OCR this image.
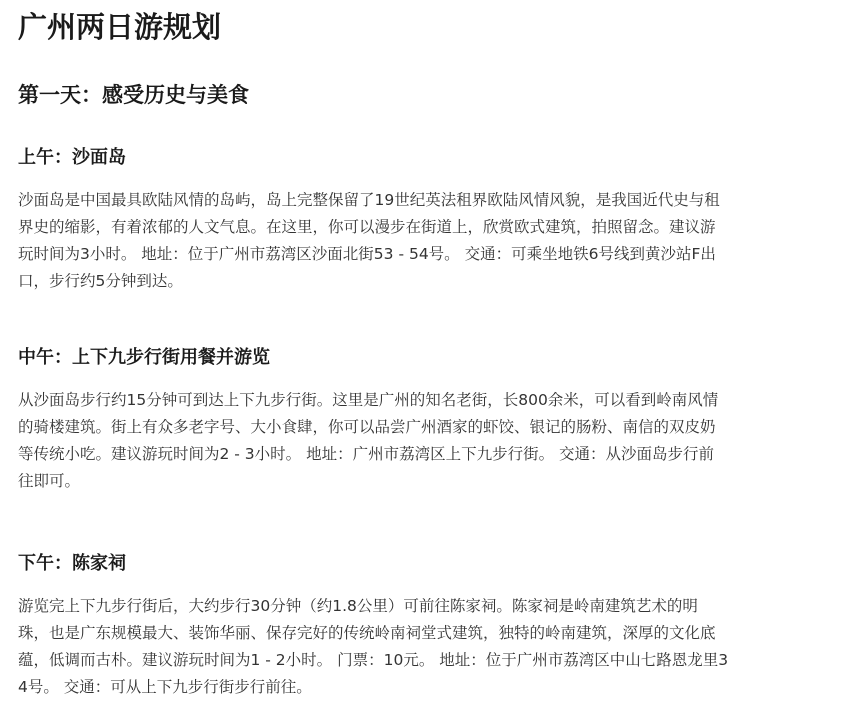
广州两日游规划
第一天：感受历史与美食
上午：沙面岛
沙面岛是中国最具欧陆风情的岛屿，岛上完整保留了19世纪英法租界欧陆风情风貌，是我国近代史与租
界史的缩影，有着浓郁的人文气息。在这里，你可以漫步在街道上，欣赏欧式建筑，拍照留念。建议游
玩时间为3小时。 地址：位于广州市荔湾区沙面北街53 - 54号。 交通：可乘坐地铁6号线到黄沙站F出
口，步行约5分钟到达。
中午：上下九步行街用餐并游览
从沙面岛步行约15分钟可到达上下九步行街。这里是广州的知名老街，长800余米，可以看到岭南风情
的骑楼建筑。街上有众多老字号、大小食肆，你可以品尝广州酒家的虾饺、银记的肠粉、南信的双皮奶
等传统小吃。建议游玩时间为2 - 3小时。 地址：广州市荔湾区上下九步行街。 交通：从沙面岛步行前
往即可。
下午：陈家祠
游览完上下九步行街后，大约步行30分钟（约1.8公里）可前往陈家祠。陈家祠是岭南建筑艺术的明
珠，也是广东规模最大、装饰华丽、保存完好的传统岭南祠堂式建筑，独特的岭南建筑，深厚的文化底
蕴，低调而古朴。建议游玩时间为1 - 2小时。 门票：10元。 地址：位于广州市荔湾区中山七路恩龙里3
4号。 交通：可从上下九步行街步行前往。
